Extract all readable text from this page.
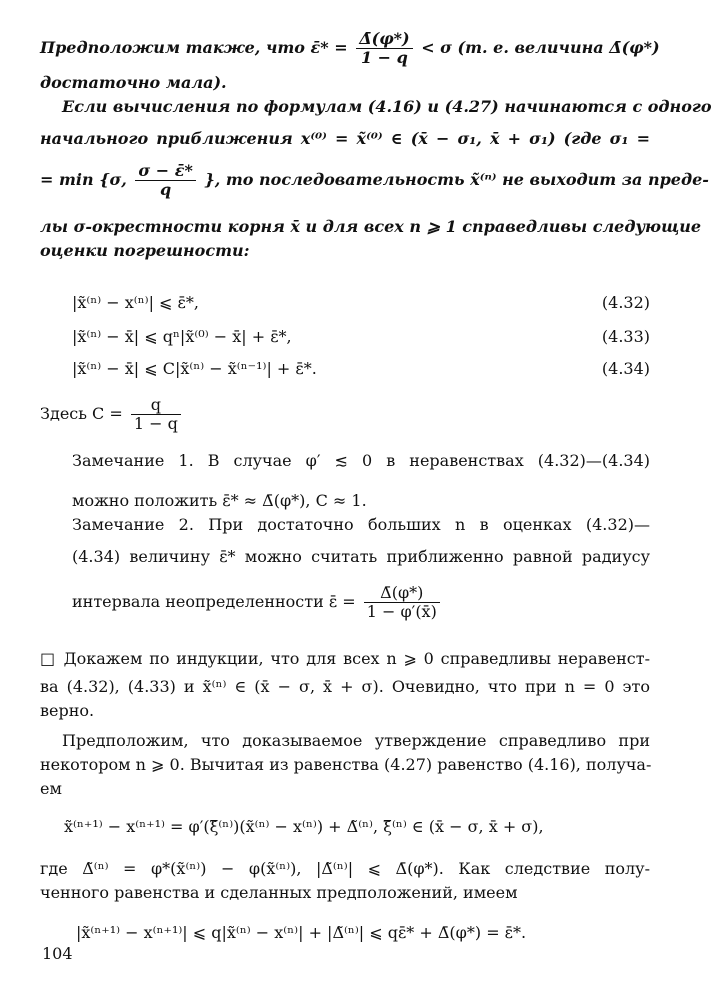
Предположим также, что ε̄* = $\frac{\Deltā(\varphi*)}{1 - q} < \sigma$ (т. е. величина Δ̄(φ*)
достаточно мала).
Если вычисления по формулам (4.16) и (4.27) начинаются с одного
начального приближения x⁽⁰⁾ = x̃⁽⁰⁾ ∈ (x̄ − σ₁, x̄ + σ₁) (где σ₁ =
= min {σ, $\frac{\sigma - \varepsilon̄*}{q}$ }, то последовательность x̃⁽ⁿ⁾ не выходит за преде-
лы σ-окрестности корня x̄ и для всех n ⩾ 1 справедливы следующие
оценки погрешности:
|x̃⁽ⁿ⁾ − x⁽ⁿ⁾| ⩽ ε̄*,	(4.32)
|x̃⁽ⁿ⁾ − x̄| ⩽ qⁿ|x̃⁽⁰⁾ − x̄| + ε̄*,	(4.33)
|x̃⁽ⁿ⁾ − x̄| ⩽ C|x̃⁽ⁿ⁾ − x̃⁽ⁿ⁻¹⁾| + ε̄*.	(4.34)
Здесь $C = \frac{q}{1 - q}$
Замечание 1. В случае φ′ ≲ 0 в неравенствах (4.32)—(4.34)
можно положить ε̄* ≈ Δ̄(φ*), C ≈ 1.
Замечание 2. При достаточно больших n в оценках (4.32)—
(4.34) величину ε̄* можно считать приближенно равной радиусу
интервала неопределенности ε̄ = $\frac{\Deltā(\varphi*)}{1 - \varphi'(x̄)}$
□ Докажем по индукции, что для всех n ⩾ 0 справедливы неравенст-
ва (4.32), (4.33) и x̃⁽ⁿ⁾ ∈ (x̄ − σ, x̄ + σ). Очевидно, что при n = 0 это
верно.
Предположим, что доказываемое утверждение справедливо при
некотором n ⩾ 0. Вычитая из равенства (4.27) равенство (4.16), получа-
ем
x̃⁽ⁿ⁺¹⁾ − x⁽ⁿ⁺¹⁾ = φ′(ξ̃⁽ⁿ⁾)(x̃⁽ⁿ⁾ − x⁽ⁿ⁾) + Δ̃⁽ⁿ⁾, ξ̃⁽ⁿ⁾ ∈ (x̄ − σ, x̄ + σ),
где Δ̃⁽ⁿ⁾ = φ*(x̃⁽ⁿ⁾) − φ(x̃⁽ⁿ⁾), |Δ̃⁽ⁿ⁾| ⩽ Δ̄(φ*). Как следствие полу-
ченного равенства и сделанных предположений, имеем
|x̃⁽ⁿ⁺¹⁾ − x⁽ⁿ⁺¹⁾| ⩽ q|x̃⁽ⁿ⁾ − x⁽ⁿ⁾| + |Δ̃⁽ⁿ⁾| ⩽ qε̄* + Δ̄(φ*) = ε̄*.
104
